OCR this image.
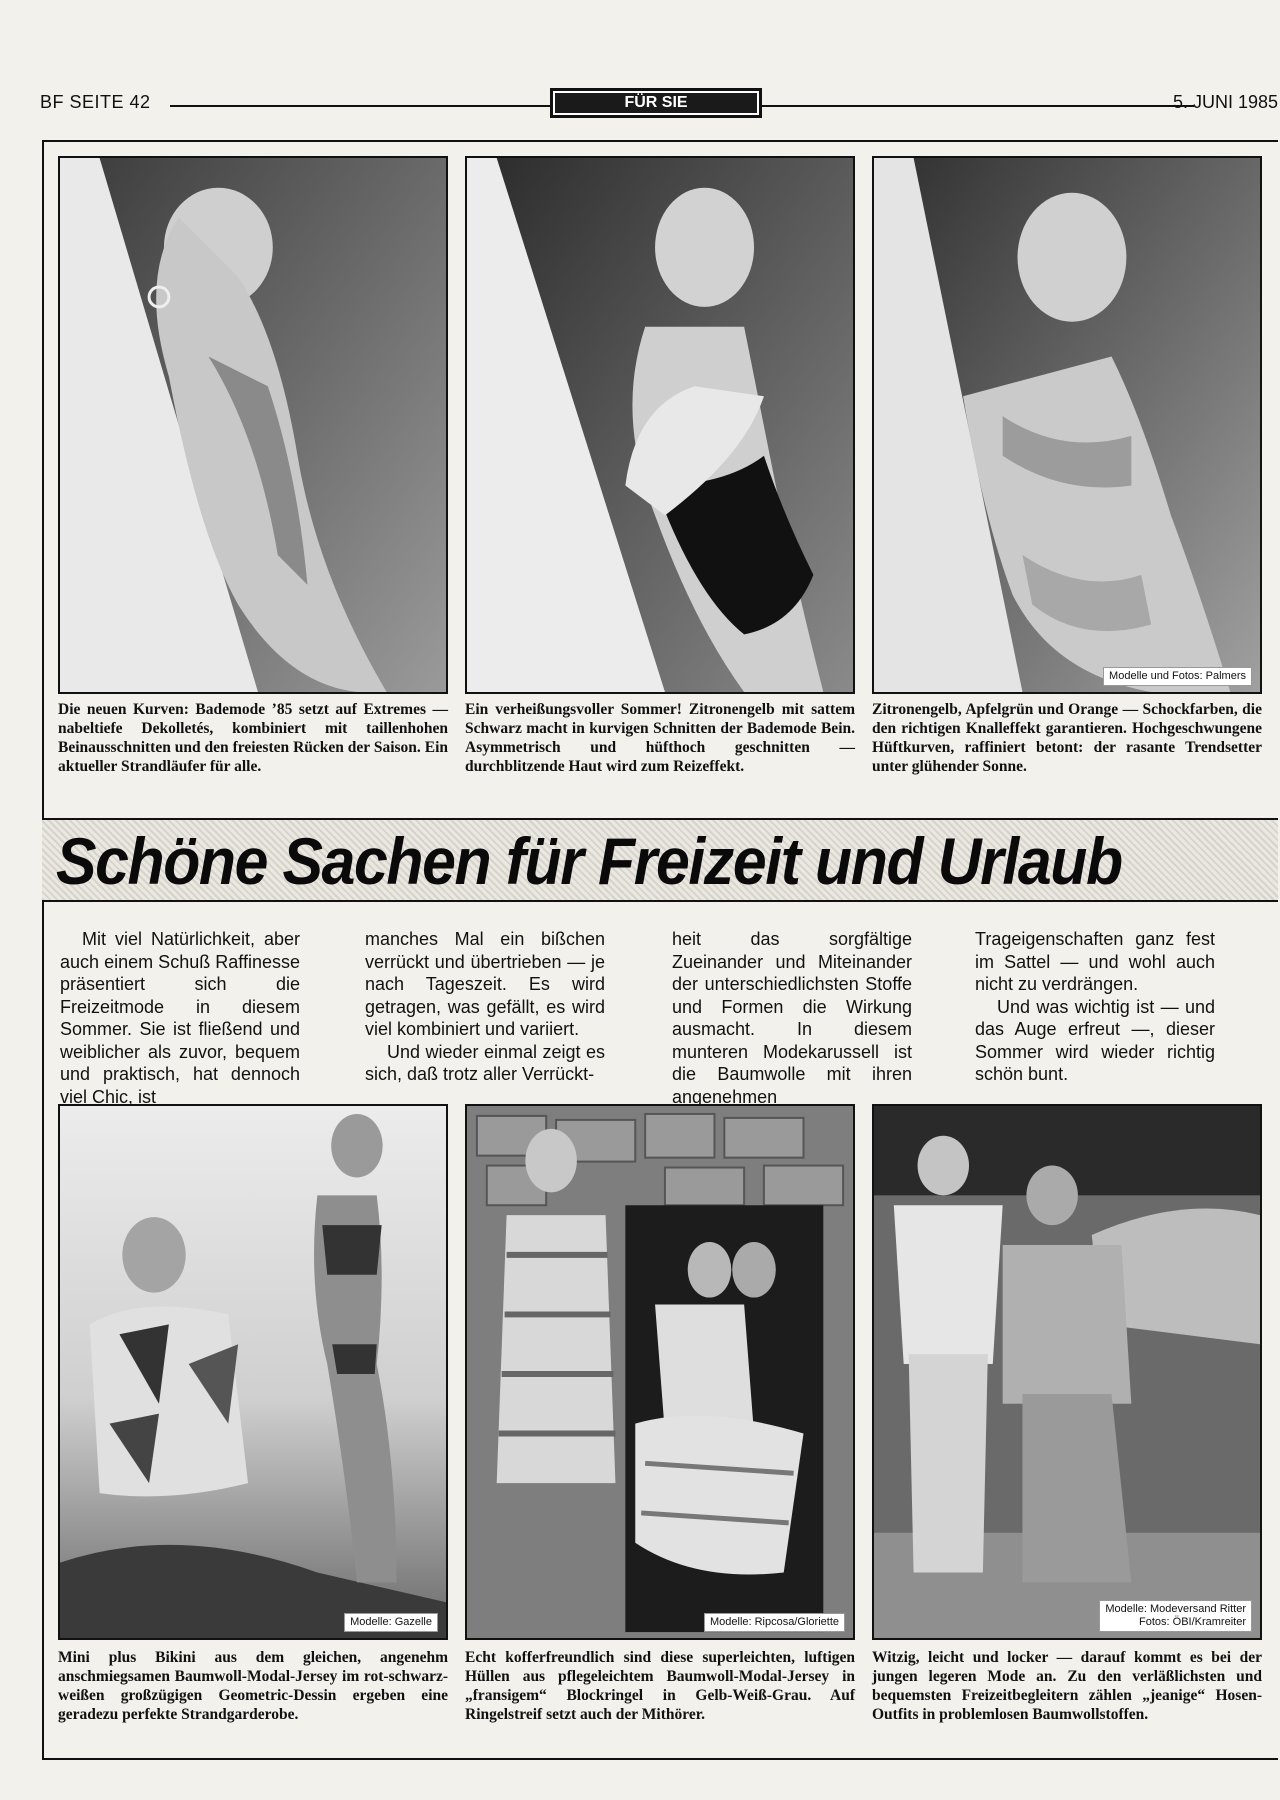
BF SEITE 42	FÜR SIE	5. JUNI 1985
Modelle und Fotos: Palmers
Die neuen Kurven: Bademode ’85 setzt auf Extremes — nabeltiefe Dekolletés, kombiniert mit taillenhohen Beinausschnitten und den freiesten Rücken der Saison. Ein aktueller Strandläufer für alle.
Ein verheißungsvoller Sommer! Zitronengelb mit sattem Schwarz macht in kurvigen Schnitten der Bademode Bein. Asymmetrisch und hüfthoch geschnitten — durchblitzende Haut wird zum Reizeffekt.
Zitronengelb, Apfelgrün und Orange — Schockfarben, die den richtigen Knalleffekt garantieren. Hochgeschwungene Hüftkurven, raffiniert betont: der rasante Trendsetter unter glühender Sonne.
Schöne Sachen für Freizeit und Urlaub

Mit viel Natürlichkeit, aber auch einem Schuß Raffinesse präsentiert sich die Freizeitmode in diesem Sommer. Sie ist fließend und weiblicher als zuvor, bequem und praktisch, hat dennoch viel Chic, ist

manches Mal ein bißchen verrückt und übertrieben — je nach Tageszeit. Es wird getragen, was gefällt, es wird viel kombiniert und variiert.

Und wieder einmal zeigt es sich, daß trotz aller Verrückt-

heit das sorgfältige Zueinander und Miteinander der unterschiedlichsten Stoffe und Formen die Wirkung ausmacht. In diesem munteren Modekarussell ist die Baumwolle mit ihren angenehmen

Trageigenschaften ganz fest im Sattel — und wohl auch nicht zu verdrängen.

Und was wichtig ist — und das Auge erfreut —, dieser Sommer wird wieder richtig schön bunt.

Modelle: Gazelle	Modelle: Ripcosa/Gloriette
Modelle: Modeversand Ritter
Fotos: ÖBI/Kramreiter
Mini plus Bikini aus dem gleichen, angenehm anschmiegsamen Baumwoll-Modal-Jersey im rot-schwarz-weißen großzügigen Geometric-Dessin ergeben eine geradezu perfekte Strandgarderobe.
Echt kofferfreundlich sind diese superleichten, luftigen Hüllen aus pflegeleichtem Baumwoll-Modal-Jersey in „fransigem“ Blockringel in Gelb-Weiß-Grau. Auf Ringelstreif setzt auch der Mithörer.
Witzig, leicht und locker — darauf kommt es bei der jungen legeren Mode an. Zu den verläßlichsten und bequemsten Freizeitbegleitern zählen „jeanige“ Hosen-Outfits in problemlosen Baumwollstoffen.
